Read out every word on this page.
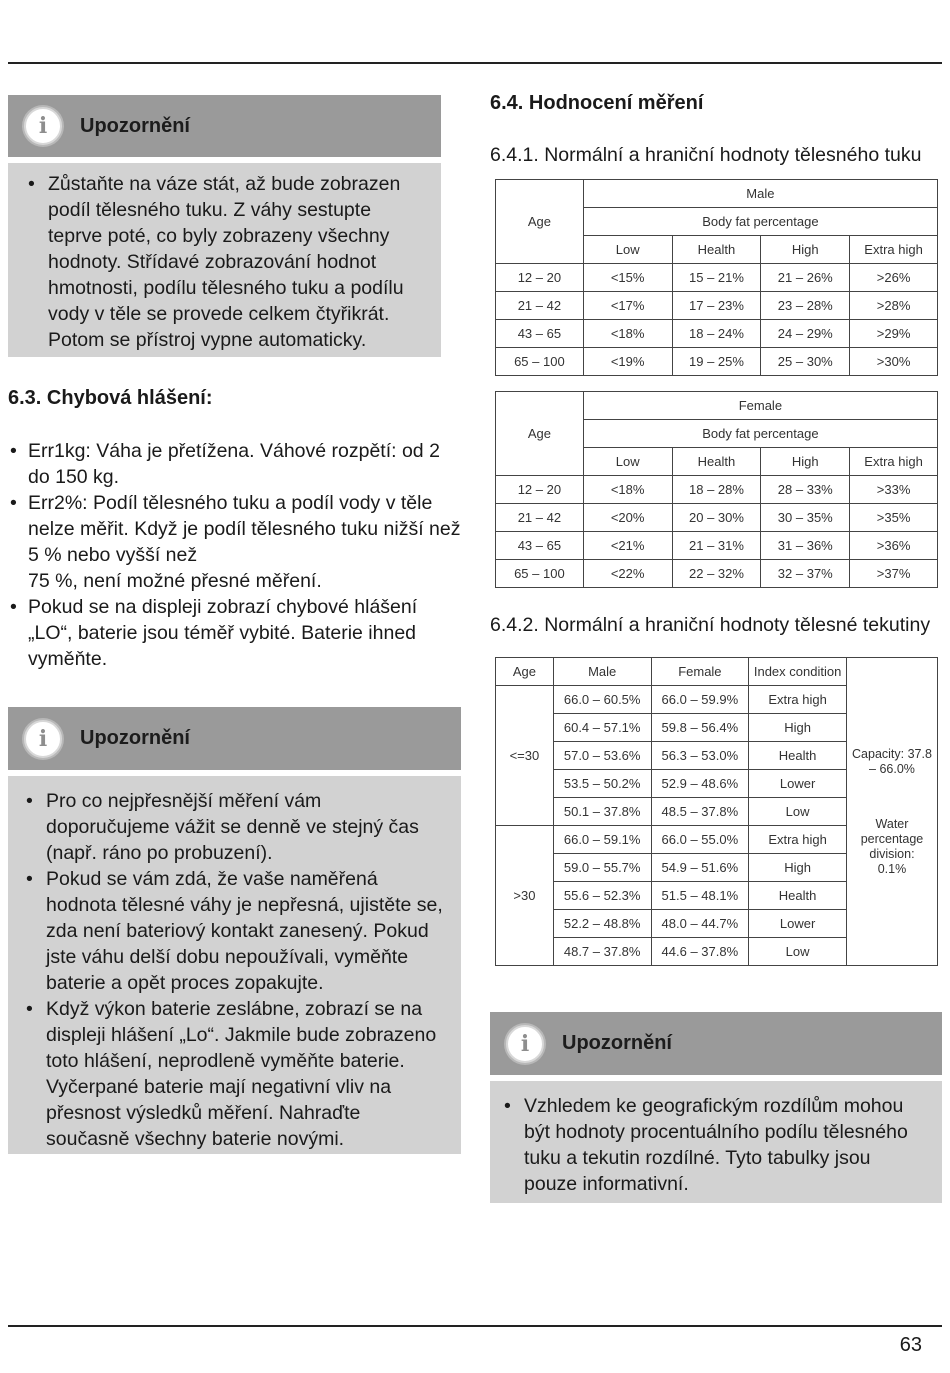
i Upozornění
• Zůstaňte na váze stát, až bude zobrazen podíl tělesného tuku. Z váhy sestupte teprve poté, co byly zobrazeny všechny hodnoty. Střídavé zobrazování hodnot hmotnosti, podílu tělesného tuku a podílu vody v těle se provede celkem čtyřikrát. Potom se přístroj vypne automaticky.
6.3. Chybová hlášení:
• Err1kg: Váha je přetížena. Váhové rozpětí: od 2 do 150 kg.
• Err2%: Podíl tělesného tuku a podíl vody v těle nelze měřit. Když je podíl tělesného tuku nižší než 5 % nebo vyšší než
75 %, není možné přesné měření.
• Pokud se na displeji zobrazí chybové hlášení „LO“, baterie jsou téměř vybité. Baterie ihned vyměňte.
i Upozornění
• Pro co nejpřesnější měření vám doporučujeme vážit se denně ve stejný čas (např. ráno po probuzení).
• Pokud se vám zdá, že vaše naměřená hodnota tělesné váhy je nepřesná, ujistěte se, zda není bateriový kontakt zanesený. Pokud jste váhu delší dobu nepoužívali, vyměňte baterie a opět proces zopakujte.
• Když výkon baterie zeslábne, zobrazí se na displeji hlášení „Lo“. Jakmile bude zobrazeno toto hlášení, neprodleně vyměňte baterie. Vyčerpané baterie mají negativní vliv na přesnost výsledků měření. Nahraďte současně všechny baterie novými.
6.4. Hodnocení měření
6.4.1. Normální a hraniční hodnoty tělesného tuku
Age	Male			
	Body fat percentage			
	Low	Health	High	Extra high
12 – 20	<15%	15 – 21%	21 – 26%	>26%
21 – 42	<17%	17 – 23%	23 – 28%	>28%
43 – 65	<18%	18 – 24%	24 – 29%	>29%
65 – 100	<19%	19 – 25%	25 – 30%	>30%
Age	Female			
	Body fat percentage			
	Low	Health	High	Extra high
12 – 20	<18%	18 – 28%	28 – 33%	>33%
21 – 42	<20%	20 – 30%	30 – 35%	>35%
43 – 65	<21%	21 – 31%	31 – 36%	>36%
65 – 100	<22%	22 – 32%	32 – 37%	>37%
6.4.2. Normální a hraniční hodnoty tělesné tekutiny
Age	Male	Female	Index condition	Capacity: 37.8 – 66.0%
Water percentage division: 0.1%

<=30	66.0 – 60.5%	66.0 – 59.9%	Extra high	
	60.4 – 57.1%	59.8 – 56.4%	High	
	57.0 – 53.6%	56.3 – 53.0%	Health	
	53.5 – 50.2%	52.9 – 48.6%	Lower	
	50.1 – 37.8%	48.5 – 37.8%	Low	
>30	66.0 – 59.1%	66.0 – 55.0%	Extra high	
	59.0 – 55.7%	54.9 – 51.6%	High	
	55.6 – 52.3%	51.5 – 48.1%	Health	
	52.2 – 48.8%	48.0 – 44.7%	Lower	
	48.7 – 37.8%	44.6 – 37.8%	Low	
i Upozornění
• Vzhledem ke geografickým rozdílům mohou být hodnoty procentuálního podílu tělesného tuku a tekutin rozdílné. Tyto tabulky jsou pouze informativní.
63
